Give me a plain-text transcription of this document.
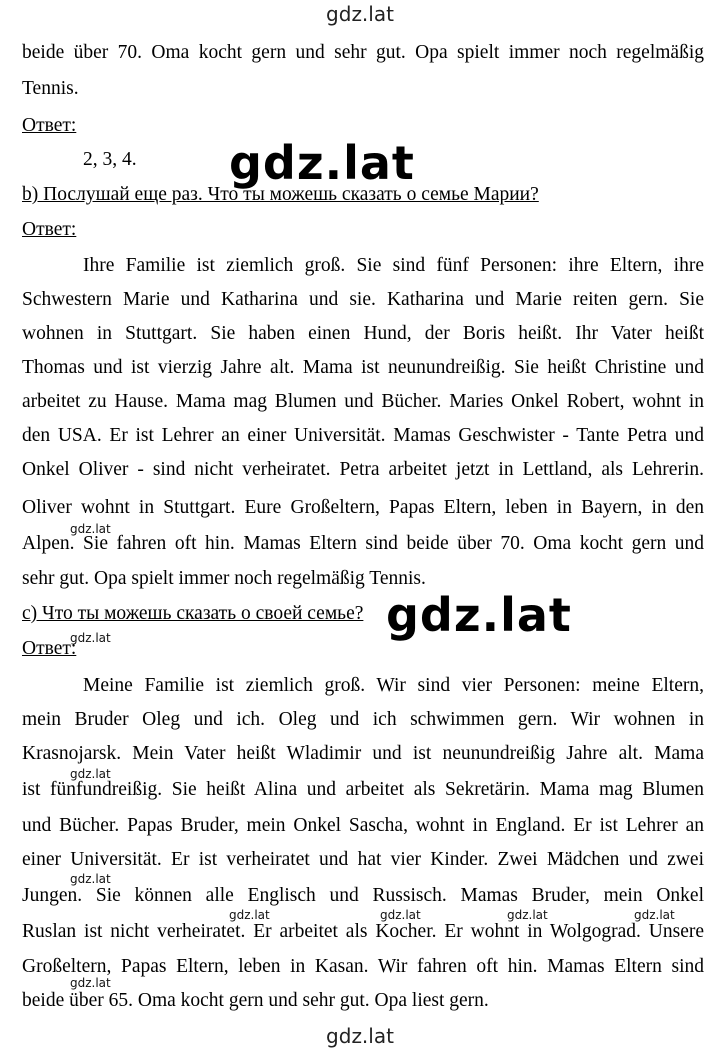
gdz.lat
beide über 70. Oma kocht gern und sehr gut. Opa spielt immer noch regelmäßig
Tennis.
Ответ:
2, 3, 4. gdz.lat
b) Послушай еще раз. Что ты можешь сказать о семье Марии?
Ответ:
Ihre Familie ist ziemlich groß. Sie sind fünf Personen: ihre Eltern, ihre
Schwestern Marie und Katharina und sie. Katharina und Marie reiten gern. Sie
wohnen in Stuttgart. Sie haben einen Hund, der Boris heißt. Ihr Vater heißt
Thomas und ist vierzig Jahre alt. Mama ist neunundreißig. Sie heißt Christine und
arbeitet zu Hause. Mama mag Blumen und Bücher. Maries Onkel Robert, wohnt in
den USA. Er ist Lehrer an einer Universität. Mamas Geschwister - Tante Petra und
Onkel Oliver - sind nicht verheiratet. Petra arbeitet jetzt in Lettland, als Lehrerin.
Oliver wohnt in Stuttgart. Eure Großeltern, Papas Eltern, leben in Bayern, in den
Alpen. Sie fahren oft hin. Mamas Eltern sind beide über 70. Oma kocht gern und
sehr gut. Opa spielt immer noch regelmäßig Tennis.
gdz.lat
c) Что ты можешь сказать о своей семье? gdz.lat
gdz.lat
Ответ:
Meine Familie ist ziemlich groß. Wir sind vier Personen: meine Eltern,
mein Bruder Oleg und ich. Oleg und ich schwimmen gern. Wir wohnen in
Krasnojarsk. Mein Vater heißt Wladimir und ist neunundreißig Jahre alt. Mama
gdz.lat
ist fünfundreißig. Sie heißt Alina und arbeitet als Sekretärin. Mama mag Blumen
und Bücher. Papas Bruder, mein Onkel Sascha, wohnt in England. Er ist Lehrer an
einer Universität. Er ist verheiratet und hat vier Kinder. Zwei Mädchen und zwei
gdz.lat
Jungen. Sie können alle Englisch und Russisch. Mamas Bruder, mein Onkel
gdz.lat	gdz.lat	gdz.lat	gdz.lat
Ruslan ist nicht verheiratet. Er arbeitet als Kocher. Er wohnt in Wolgograd. Unsere
Großeltern, Papas Eltern, leben in Kasan. Wir fahren oft hin. Mamas Eltern sind
gdz.lat
beide über 65. Oma kocht gern und sehr gut. Opa liest gern.
gdz.lat
